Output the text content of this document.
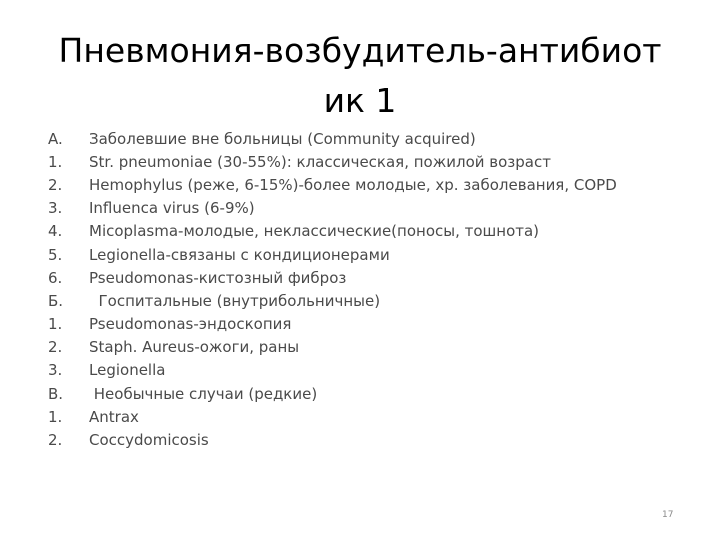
Пневмония-возбудитель-антибиот
ик 1
A.	Заболевшие вне больницы (Community acquired)
1.	Str. pneumoniae (30-55%): классическая, пожилой возраст
2.	Hemophylus (реже, 6-15%)-более молодые, хр. заболевания, COPD
3.	Influenca virus (6-9%)
4.	Micoplasma-молодые, неклассические(поносы, тошнота)
5.	Legionella-связаны с кондиционерами
6.	Pseudomonas-кистозный фиброз
Б.	Госпитальные (внутрибольничные)
1.	Pseudomonas-эндоскопия
2.	Staph. Aureus-ожоги, раны
3.	Legionella
B.	Необычные случаи (редкие)
1.	Antrax
2.	Coccydomicosis
17
